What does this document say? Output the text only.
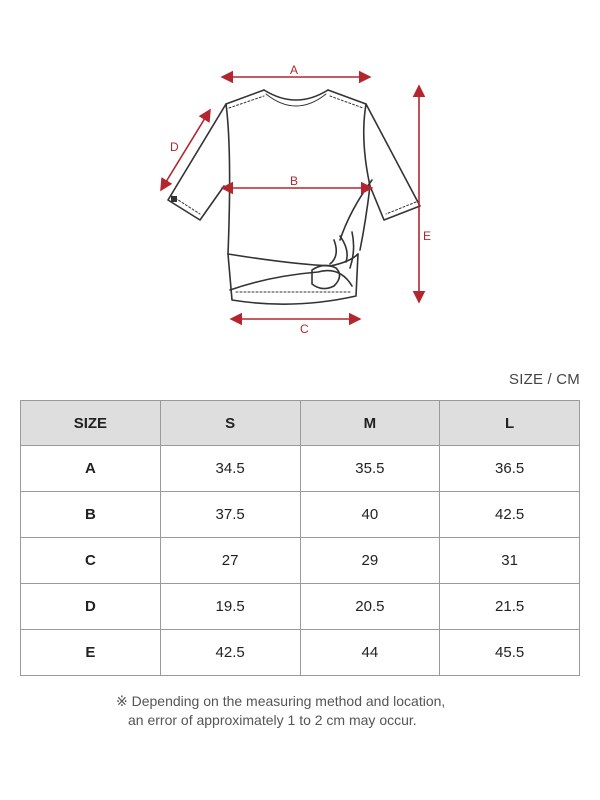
A
B
C
D
E
SIZE / CM
SIZE	S	M	L
A	34.5	35.5	36.5
B	37.5	40	42.5
C	27	29	31
D	19.5	20.5	21.5
E	42.5	44	45.5
※ Depending on the measuring method and location,
an error of approximately 1 to 2 cm may occur.
